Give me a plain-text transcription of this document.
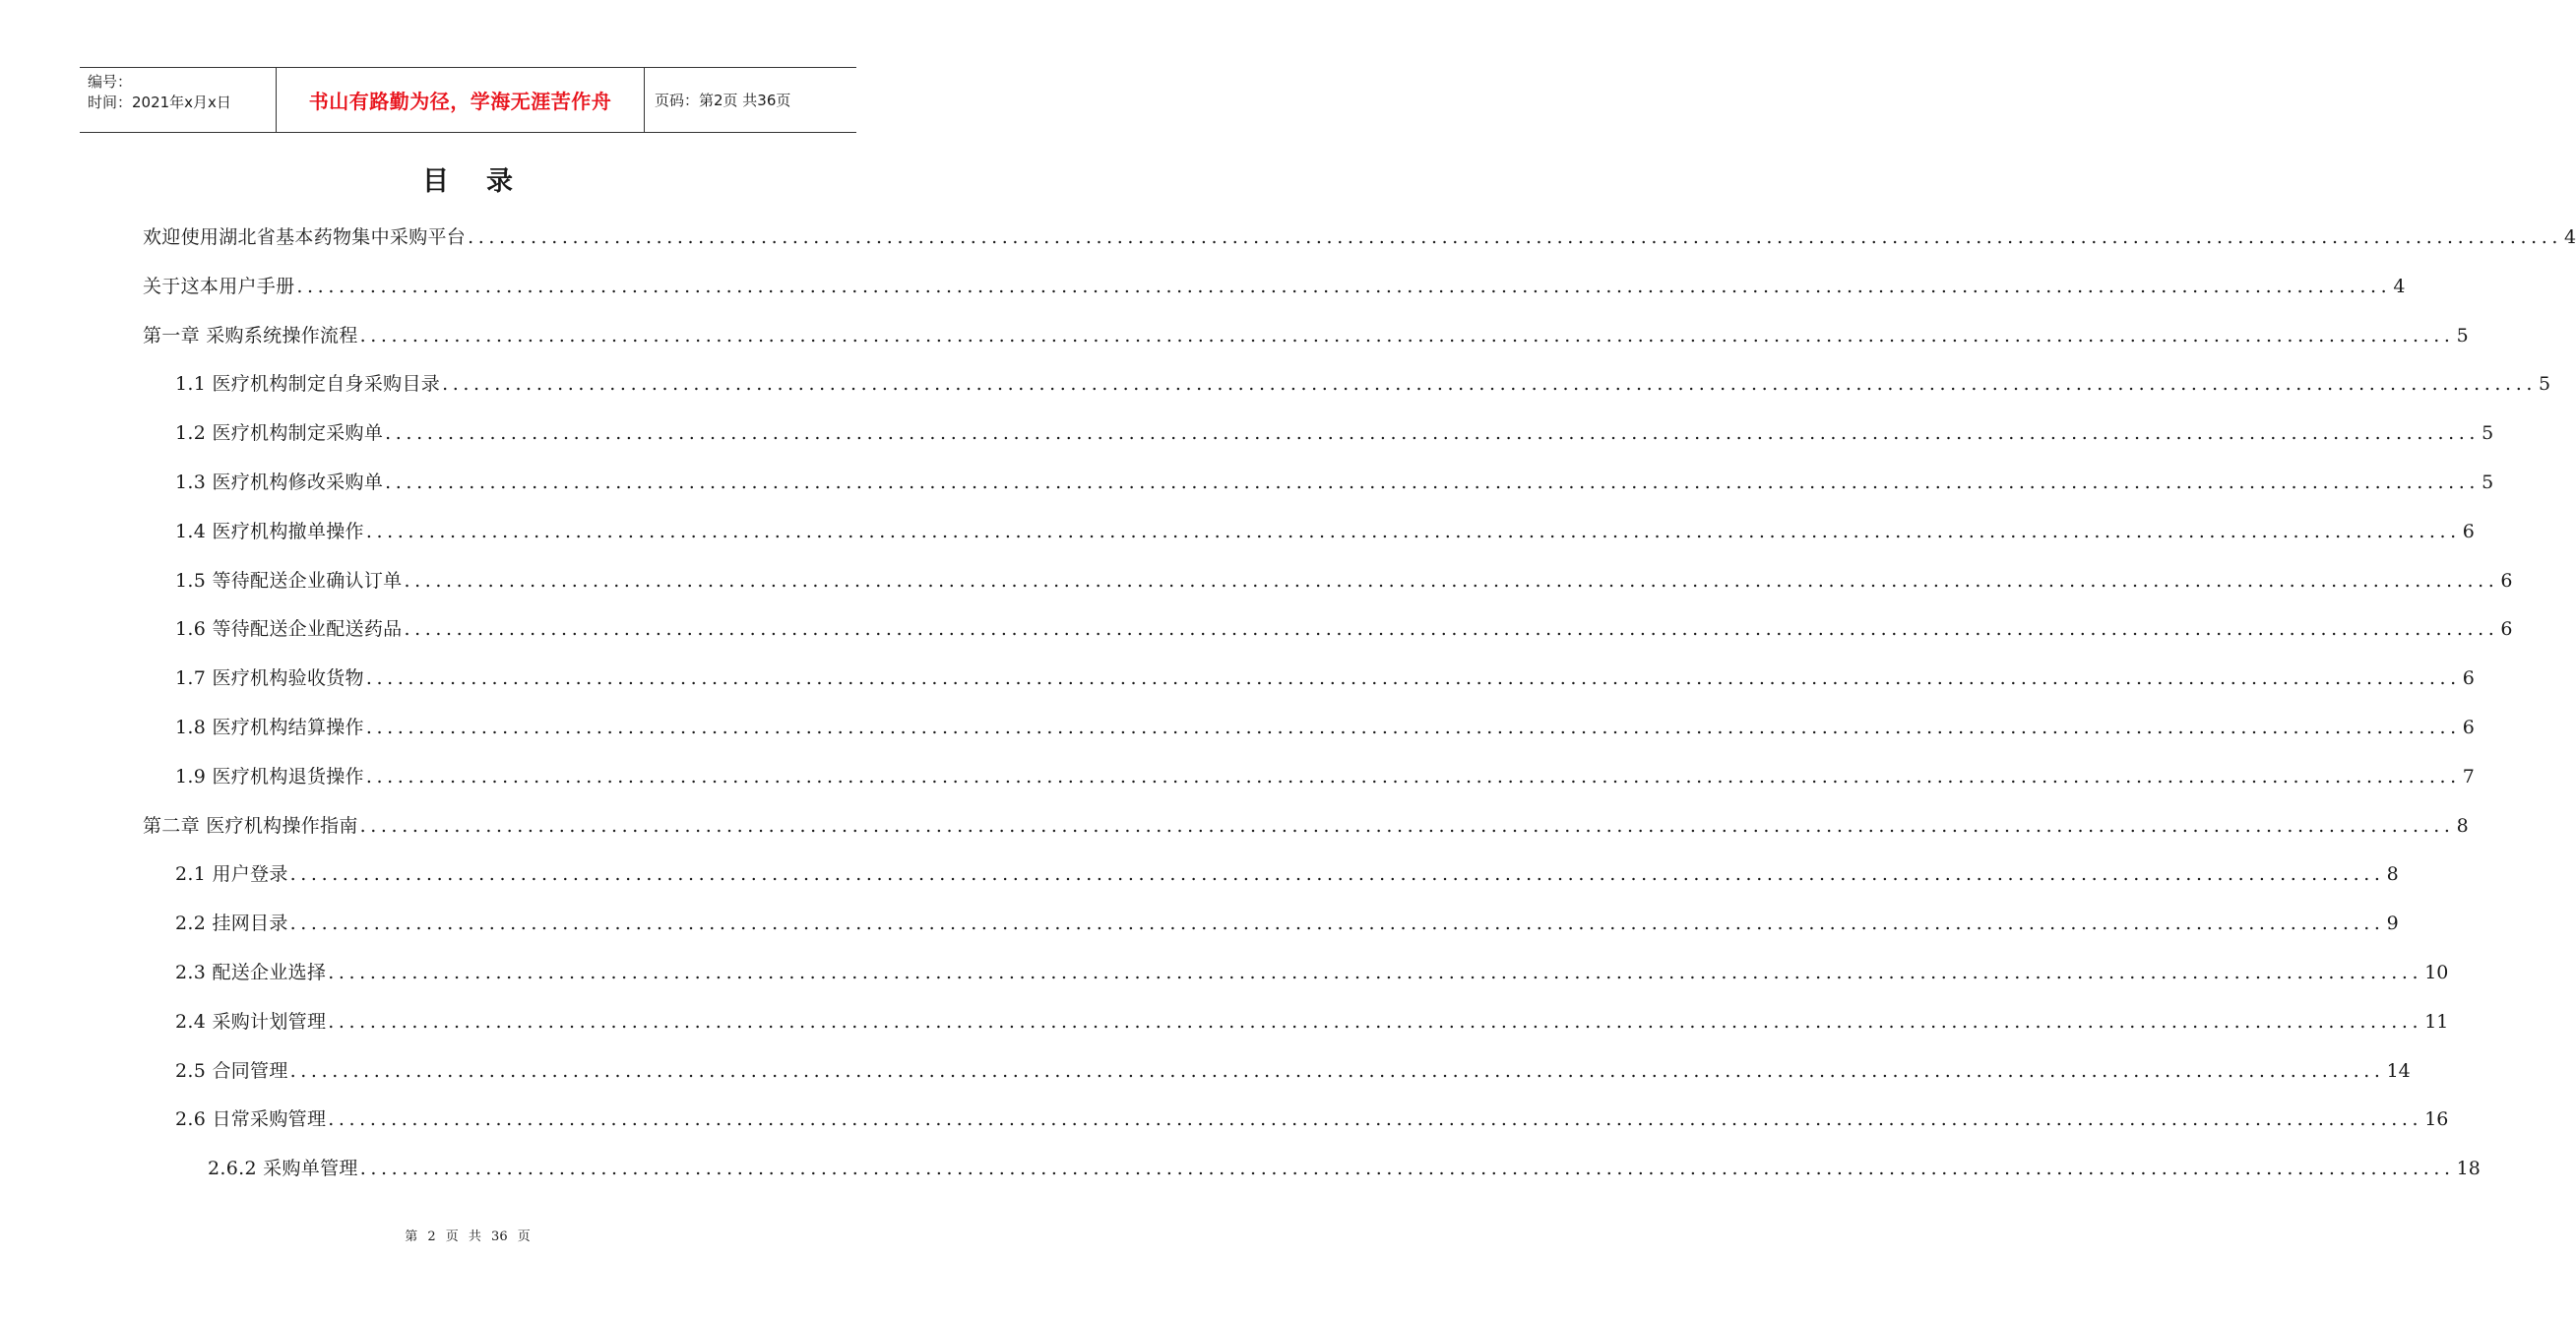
编号：
时间：2021年x月x日	书山有路勤为径，学海无涯苦作舟	页码：第2页 共36页
目录
欢迎使用湖北省基本药物集中采购平台 ........................................................................................................................................................................................................ 4
关于这本用户手册 ........................................................................................................................................................................................................ 4
第一章 采购系统操作流程 ........................................................................................................................................................................................................ 5
1.1 医疗机构制定自身采购目录 ........................................................................................................................................................................................................ 5
1.2 医疗机构制定采购单 ........................................................................................................................................................................................................ 5
1.3 医疗机构修改采购单 ........................................................................................................................................................................................................ 5
1.4 医疗机构撤单操作 ........................................................................................................................................................................................................ 6
1.5 等待配送企业确认订单 ........................................................................................................................................................................................................ 6
1.6 等待配送企业配送药品 ........................................................................................................................................................................................................ 6
1.7 医疗机构验收货物 ........................................................................................................................................................................................................ 6
1.8 医疗机构结算操作 ........................................................................................................................................................................................................ 6
1.9 医疗机构退货操作 ........................................................................................................................................................................................................ 7
第二章 医疗机构操作指南 ........................................................................................................................................................................................................ 8
2.1 用户登录 ........................................................................................................................................................................................................ 8
2.2 挂网目录 ........................................................................................................................................................................................................ 9
2.3 配送企业选择 ........................................................................................................................................................................................................ 10
2.4 采购计划管理 ........................................................................................................................................................................................................ 11
2.5 合同管理 ........................................................................................................................................................................................................ 14
2.6 日常采购管理 ........................................................................................................................................................................................................ 16
2.6.2 采购单管理 ........................................................................................................................................................................................................ 18
第 2 页 共 36 页
